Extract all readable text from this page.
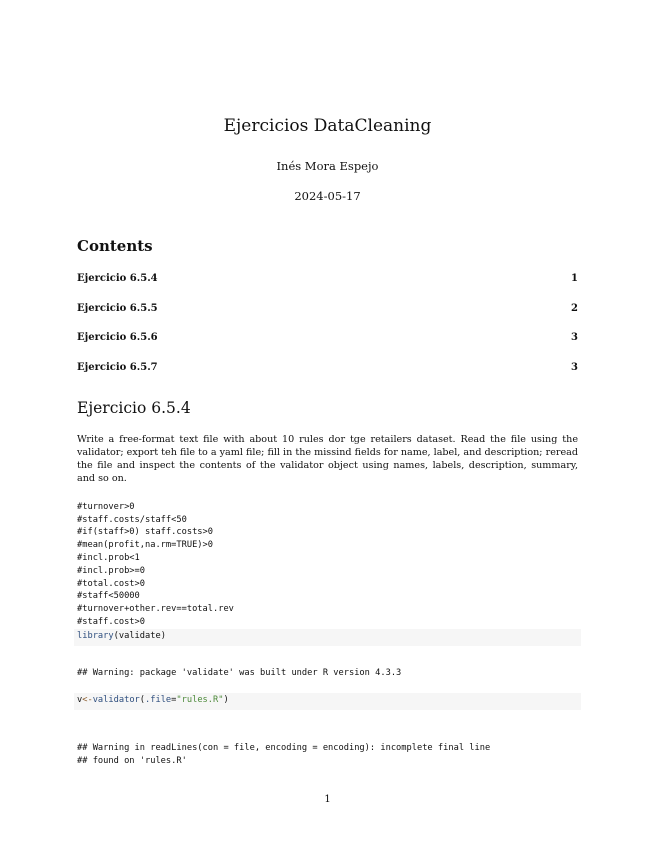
Ejercicios DataCleaning
Inés Mora Espejo
2024-05-17
Contents
Ejercicio 6.5.4	1
Ejercicio 6.5.5	2
Ejercicio 6.5.6	3
Ejercicio 6.5.7	3
Ejercicio 6.5.4
Write a free-format text file with about 10 rules dor tge retailers dataset. Read the file using the validator; export teh file to a yaml file; fill in the missind fields for name, label, and description; reread the file and inspect the contents of the validator object using names, labels, description, summary, and so on.

#turnover>0
#staff.costs/staff<50
#if(staff>0) staff.costs>0
#mean(profit,na.rm=TRUE)>0
#incl.prob<1
#incl.prob>=0
#total.cost>0
#staff<50000
#turnover+other.rev==total.rev
#staff.cost>0

library(validate)
## Warning: package 'validate' was built under R version 4.3.3
v<-validator(.file="rules.R")

## Warning in readLines(con = file, encoding = encoding): incomplete final line
## found on 'rules.R'

1
